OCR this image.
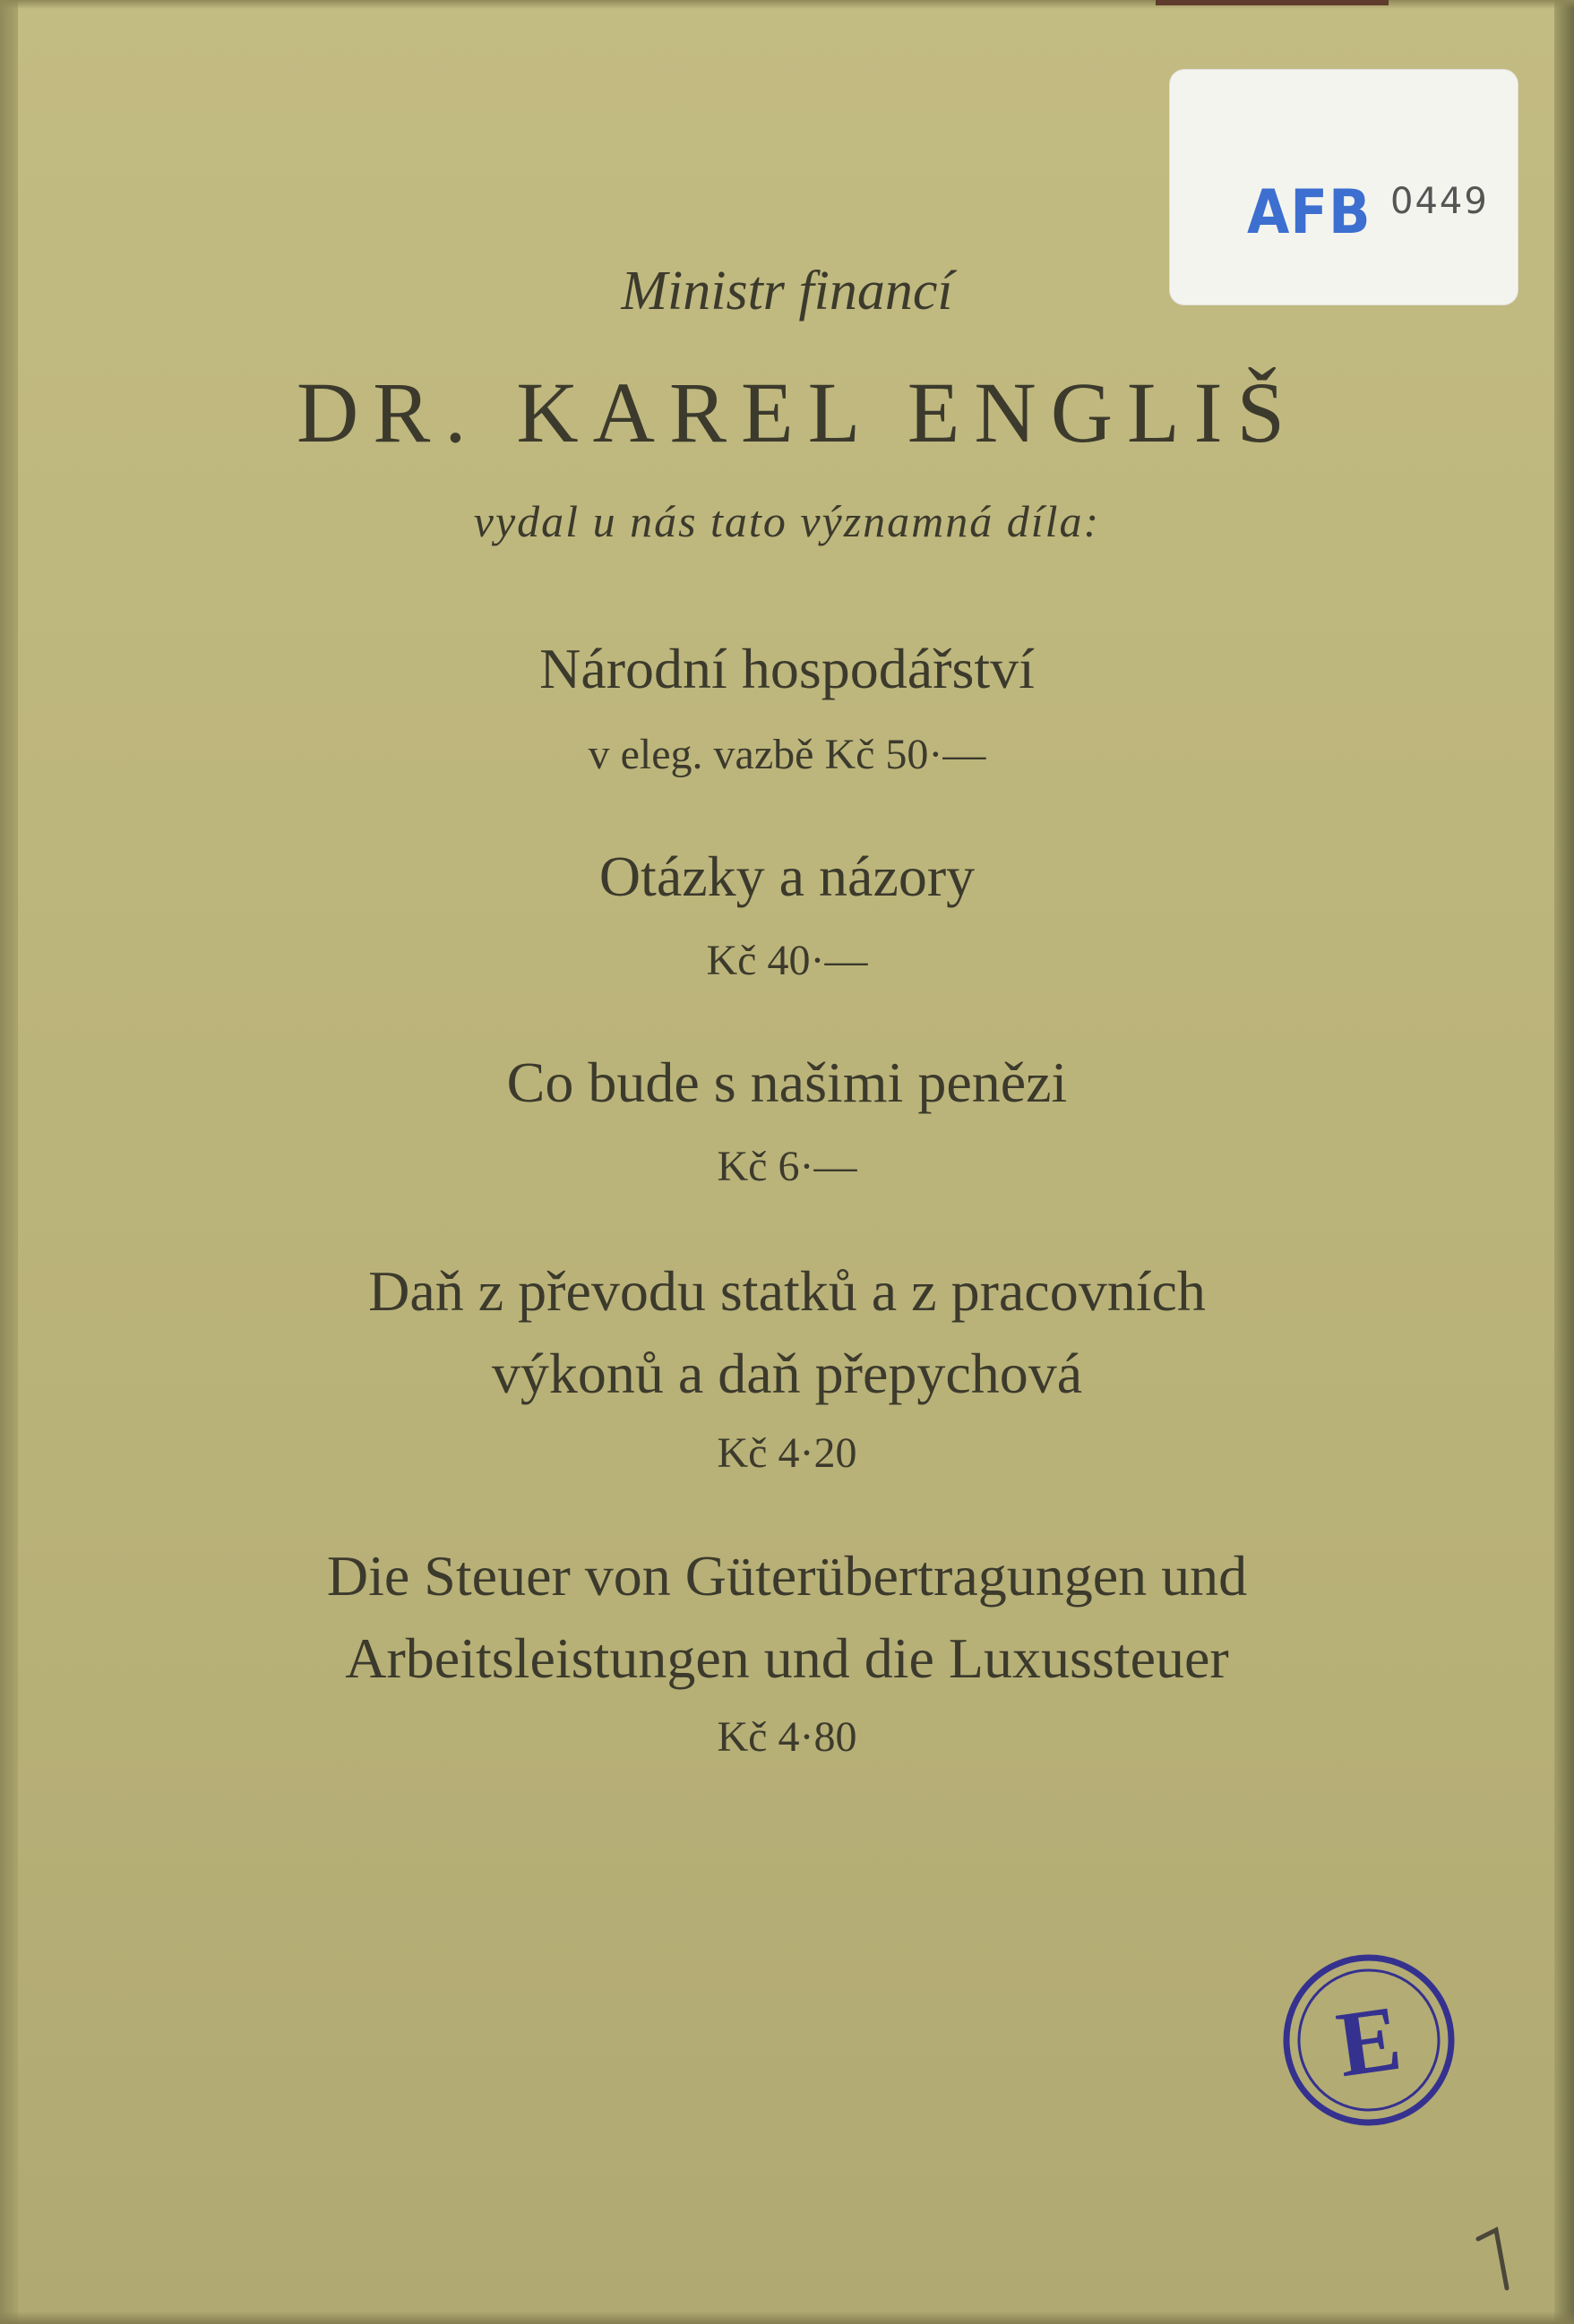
AFB 0449
Ministr financí
DR. KAREL ENGLIŠ
vydal u nás tato významná díla:
Národní hospodářství
v eleg. vazbě Kč 50·—
Otázky a názory
Kč 40·—
Co bude s našimi penězi
Kč 6·—
Daň z převodu statků a z pracovních
výkonů a daň přepychová
Kč 4·20
Die Steuer von Güterübertragungen und
Arbeitsleistungen und die Luxussteuer
Kč 4·80
E
